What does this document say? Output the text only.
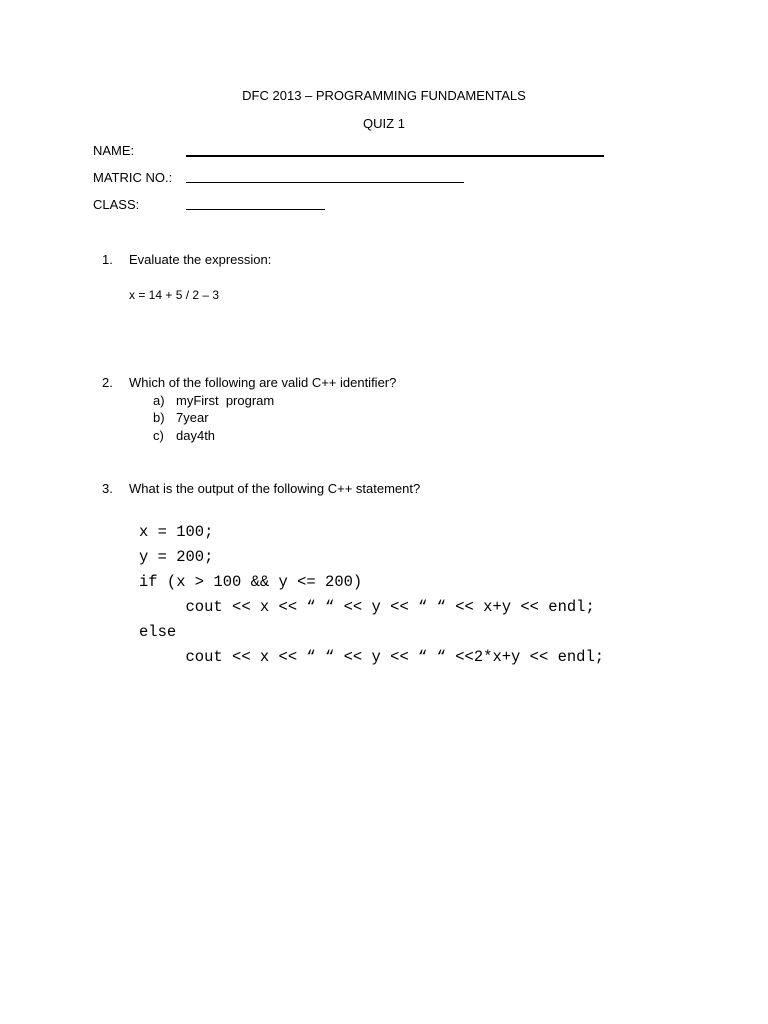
DFC 2013 – PROGRAMMING FUNDAMENTALS
QUIZ 1
NAME:
MATRIC NO.:
CLASS:
1. Evaluate the expression:
x = 14 + 5 / 2 – 3
2. Which of the following are valid C++ identifier?
a) myFirst  program
b) 7year
c) day4th
3. What is the output of the following C++ statement?
x = 100;
y = 200;
if (x > 100 && y <= 200)
cout << x << “ “ << y << “ “ << x+y << endl;
else
cout << x << “ “ << y << “ “ <<2*x+y << endl;
